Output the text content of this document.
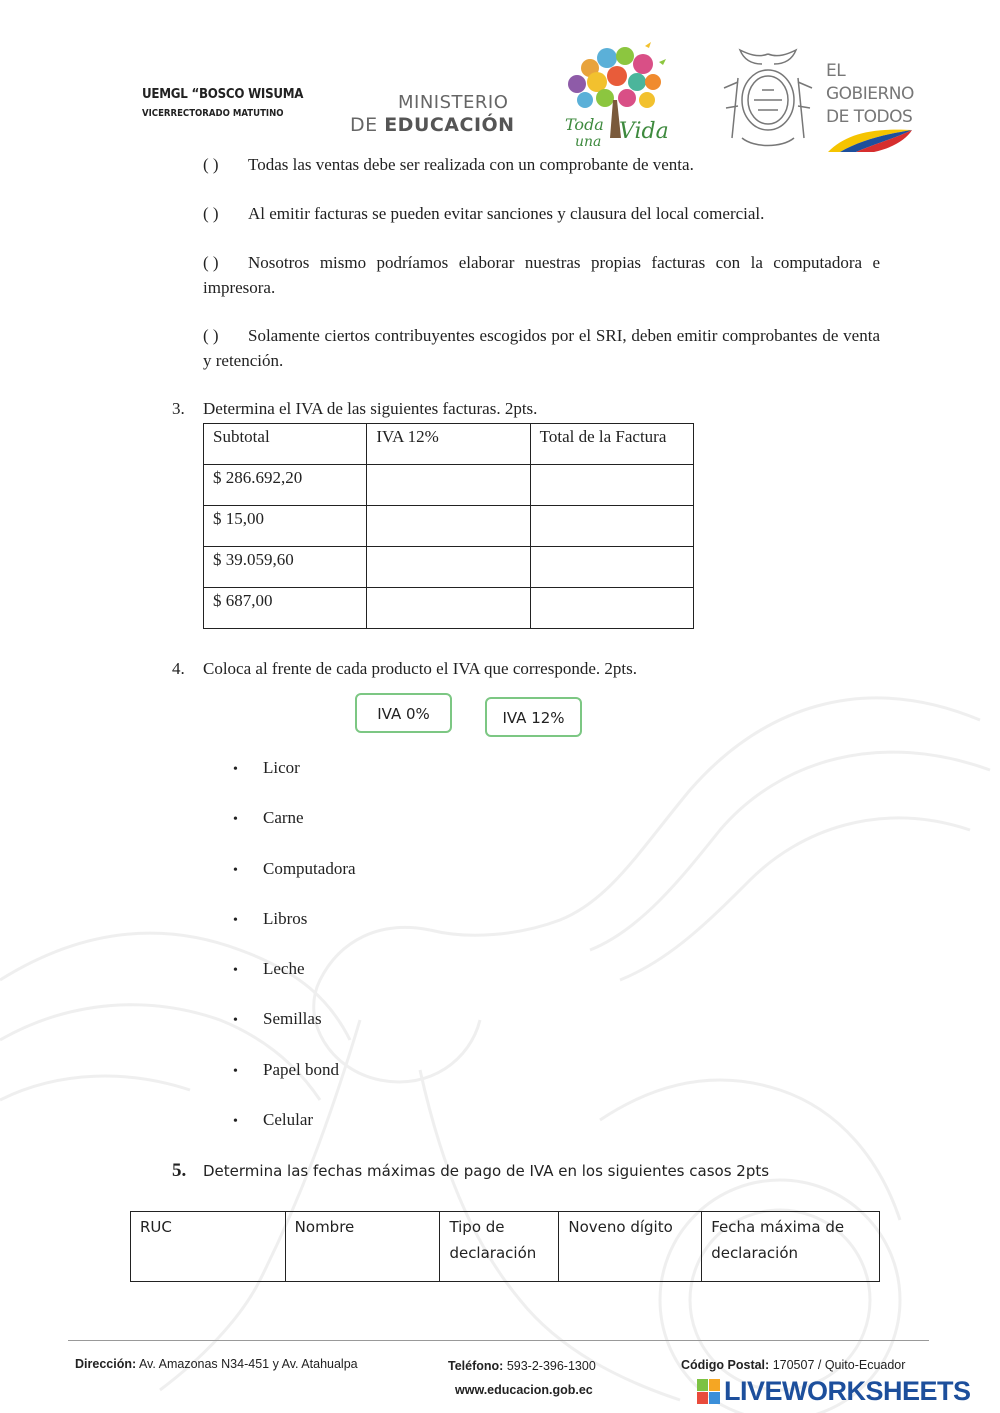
UEMGL “BOSCO WISUMA
VICERRECTORADO MATUTINO
MINISTERIO
DE EDUCACIÓN	Toda
una Vida
EL
GOBIERNO
DE TODOS
( ) Todas las ventas debe ser realizada con un comprobante de venta.
( ) Al emitir facturas se pueden evitar sanciones y clausura del local comercial.
( ) Nosotros mismo podríamos elaborar nuestras propias facturas con la computadora e impresora.
( ) Solamente ciertos contribuyentes escogidos por el SRI, deben emitir comprobantes de venta y retención.
3. Determina el IVA de las siguientes facturas. 2pts.
Subtotal	IVA 12%	Total de la Factura
$ 286.692,20		
$ 15,00		
$ 39.059,60		
$ 687,00		
4. Coloca al frente de cada producto el IVA que corresponde. 2pts.
IVA 0%	IVA 12%
• Licor
• Carne
• Computadora
• Libros
• Leche
• Semillas
• Papel bond
• Celular
5. Determina las fechas máximas de pago de IVA en los siguientes casos 2pts
RUC	Nombre	Tipo de declaración	Noveno dígito	Fecha máxima de declaración
Dirección: Av. Amazonas N34-451 y Av. Atahualpa	Teléfono: 593-2-396-1300	Código Postal: 170507 / Quito-Ecuador
www.educacion.gob.ec	LIVEWORKSHEETS
